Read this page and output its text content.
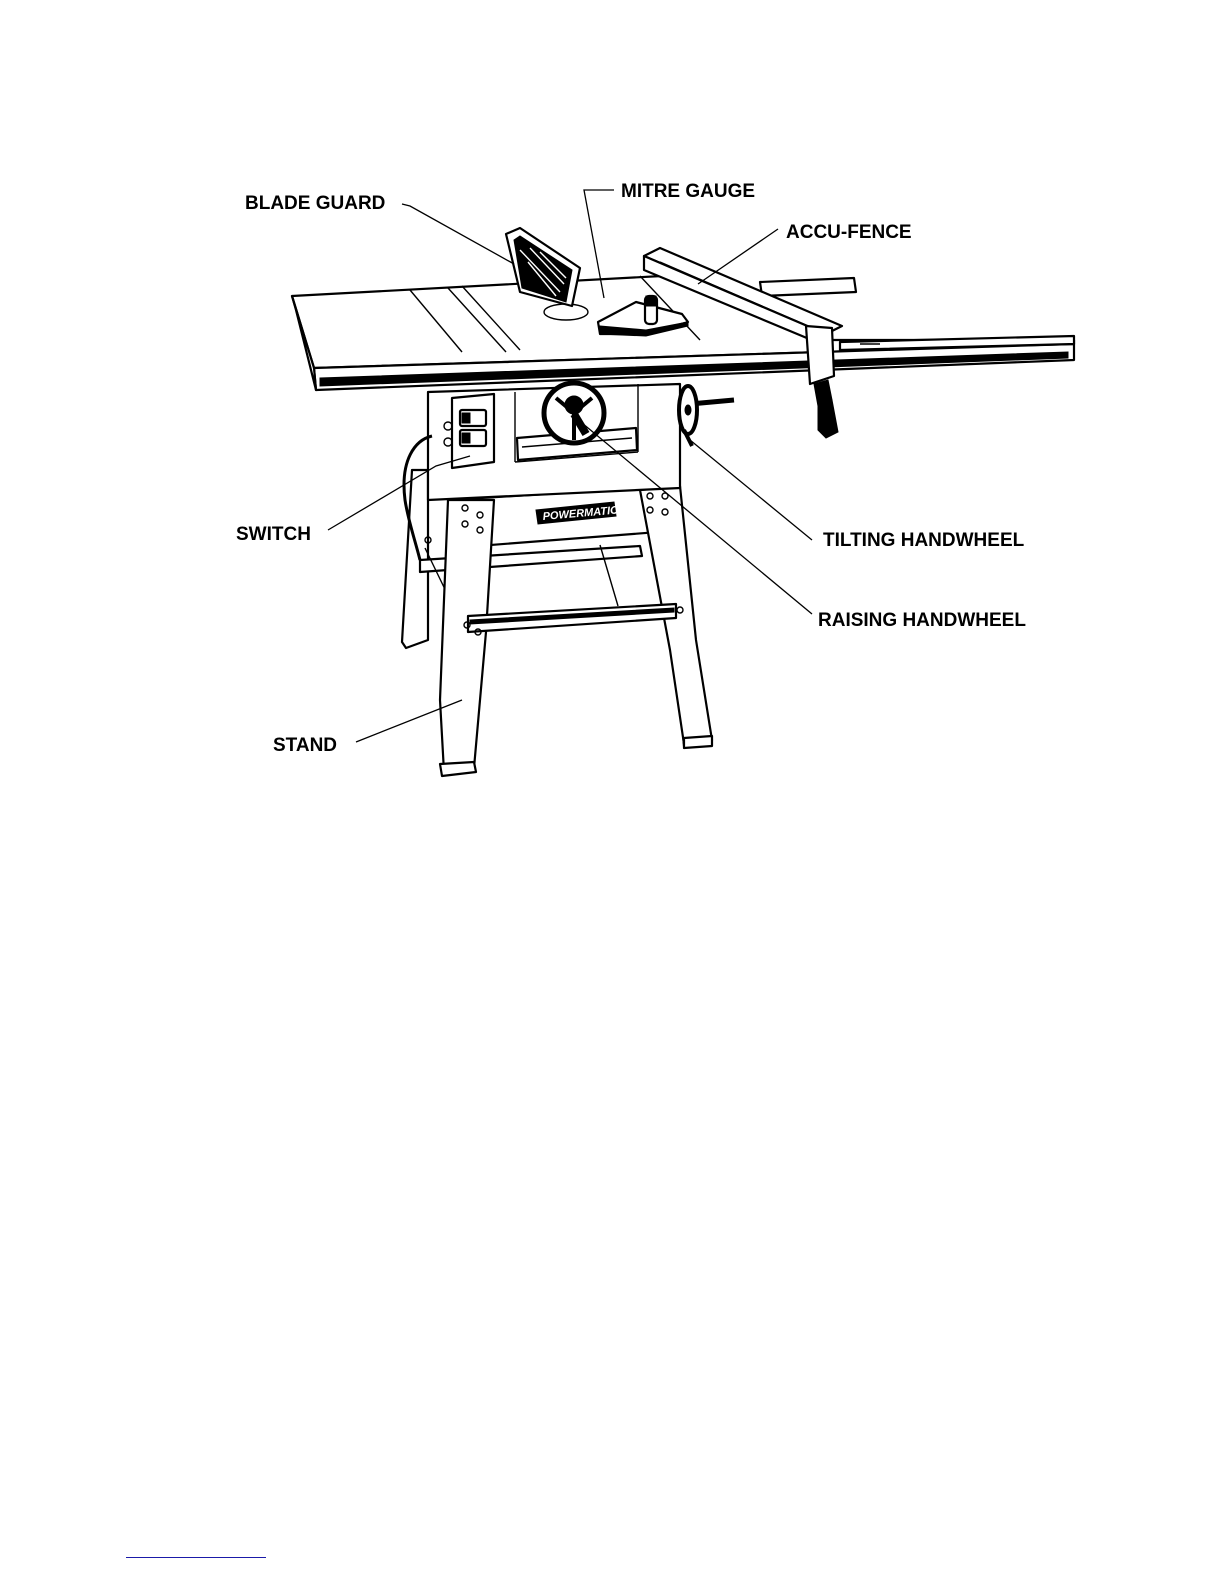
POWERMATIC
BLADE GUARD
MITRE GAUGE
ACCU-FENCE
SWITCH	TILTING HANDWHEEL
RAISING HANDWHEEL
STAND
